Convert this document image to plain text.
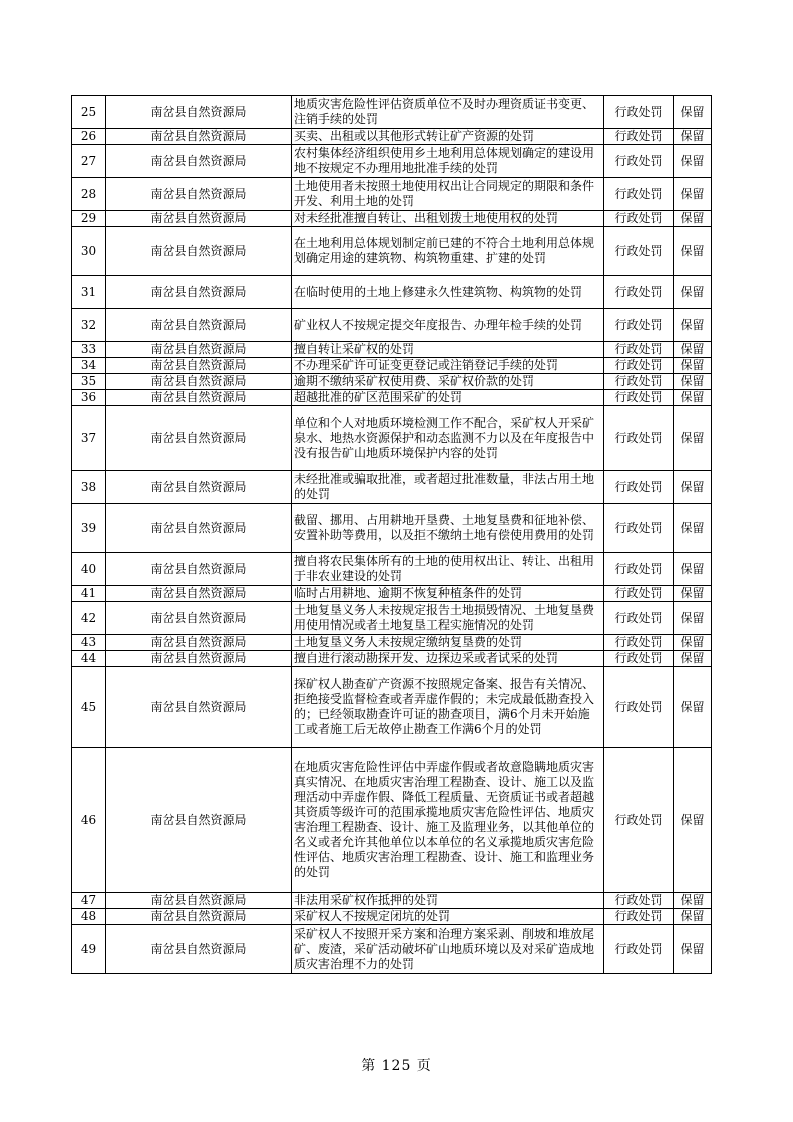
25	南岔县自然资源局	地质灾害危险性评估资质单位不及时办理资质证书变更、注销手续的处罚	行政处罚	保留
26	南岔县自然资源局	买卖、出租或以其他形式转让矿产资源的处罚	行政处罚	保留
27	南岔县自然资源局	农村集体经济组织使用乡土地利用总体规划确定的建设用地不按规定不办理用地批准手续的处罚	行政处罚	保留
28	南岔县自然资源局	土地使用者未按照土地使用权出让合同规定的期限和条件开发、利用土地的处罚	行政处罚	保留
29	南岔县自然资源局	对未经批准擅自转让、出租划拨土地使用权的处罚	行政处罚	保留
30	南岔县自然资源局	在土地利用总体规划制定前已建的不符合土地利用总体规划确定用途的建筑物、构筑物重建、扩建的处罚	行政处罚	保留
31	南岔县自然资源局	在临时使用的土地上修建永久性建筑物、构筑物的处罚	行政处罚	保留
32	南岔县自然资源局	矿业权人不按规定提交年度报告、办理年检手续的处罚	行政处罚	保留
33	南岔县自然资源局	擅自转让采矿权的处罚	行政处罚	保留
34	南岔县自然资源局	不办理采矿许可证变更登记或注销登记手续的处罚	行政处罚	保留
35	南岔县自然资源局	逾期不缴纳采矿权使用费、采矿权价款的处罚	行政处罚	保留
36	南岔县自然资源局	超越批准的矿区范围采矿的处罚	行政处罚	保留
37	南岔县自然资源局	单位和个人对地质环境检测工作不配合，采矿权人开采矿泉水、地热水资源保护和动态监测不力以及在年度报告中没有报告矿山地质环境保护内容的处罚	行政处罚	保留
38	南岔县自然资源局	未经批准或骗取批准，或者超过批准数量，非法占用土地的处罚	行政处罚	保留
39	南岔县自然资源局	截留、挪用、占用耕地开垦费、土地复垦费和征地补偿、安置补助等费用，以及拒不缴纳土地有偿使用费用的处罚	行政处罚	保留
40	南岔县自然资源局	擅自将农民集体所有的土地的使用权出让、转让、出租用于非农业建设的处罚	行政处罚	保留
41	南岔县自然资源局	临时占用耕地、逾期不恢复种植条件的处罚	行政处罚	保留
42	南岔县自然资源局	土地复垦义务人未按规定报告土地损毁情况、土地复垦费用使用情况或者土地复垦工程实施情况的处罚	行政处罚	保留
43	南岔县自然资源局	土地复垦义务人未按规定缴纳复垦费的处罚	行政处罚	保留
44	南岔县自然资源局	擅自进行滚动勘探开发、边探边采或者试采的处罚	行政处罚	保留
45	南岔县自然资源局	探矿权人勘查矿产资源不按照规定备案、报告有关情况、拒绝接受监督检查或者弄虚作假的；未完成最低勘查投入的；已经领取勘查许可证的勘查项目，满6个月未开始施工或者施工后无故停止勘查工作满6个月的处罚	行政处罚	保留
46	南岔县自然资源局	在地质灾害危险性评估中弄虚作假或者故意隐瞒地质灾害真实情况、在地质灾害治理工程勘查、设计、施工以及监理活动中弄虚作假、降低工程质量、无资质证书或者超越其资质等级许可的范围承揽地质灾害危险性评估、地质灾害治理工程勘查、设计、施工及监理业务，以其他单位的名义或者允许其他单位以本单位的名义承揽地质灾害危险性评估、地质灾害治理工程勘查、设计、施工和监理业务的处罚	行政处罚	保留
47	南岔县自然资源局	非法用采矿权作抵押的处罚	行政处罚	保留
48	南岔县自然资源局	采矿权人不按规定闭坑的处罚	行政处罚	保留
49	南岔县自然资源局	采矿权人不按照开采方案和治理方案采剥、削坡和堆放尾矿、废渣，采矿活动破坏矿山地质环境以及对采矿造成地质灾害治理不力的处罚	行政处罚	保留
第 125 页
